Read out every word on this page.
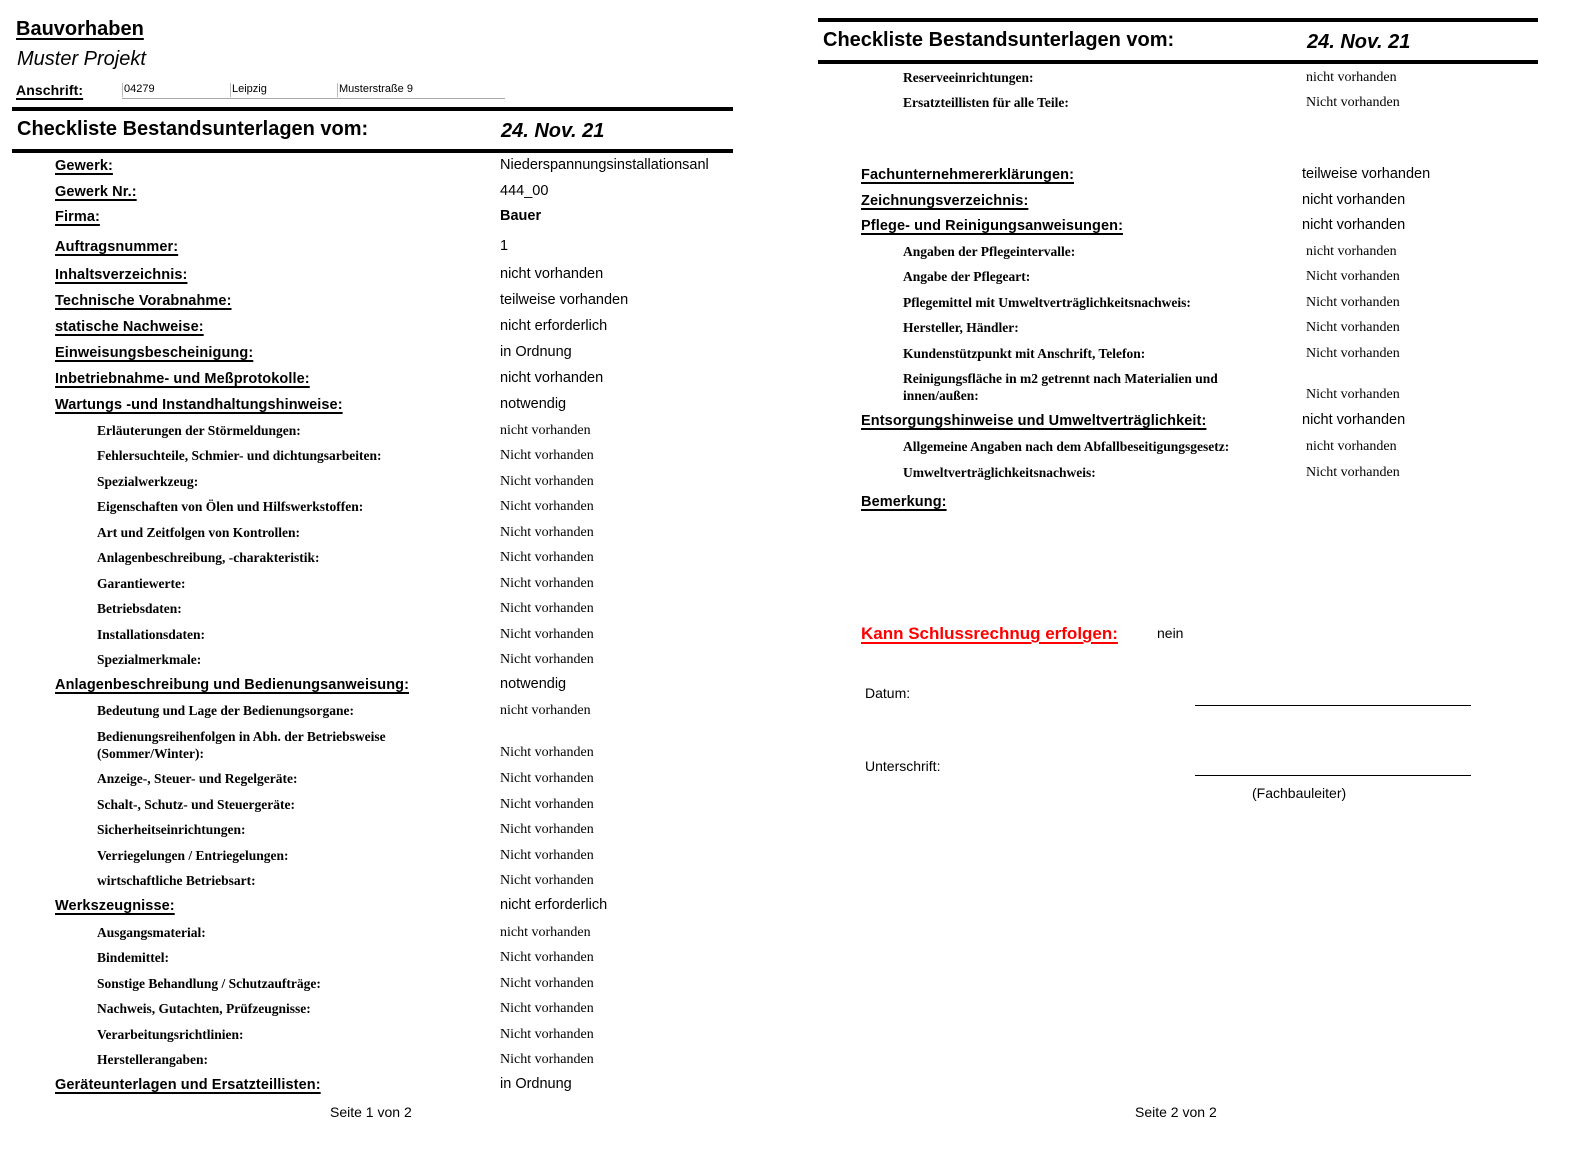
Bauvorhaben
Muster Projekt
Anschrift:	04279	Leipzig	Musterstraße 9
Checkliste Bestandsunterlagen vom:	24. Nov. 21
Gewerk:	Niederspannungsinstallationsanl
Gewerk Nr.:	444_00
Firma:	Bauer
Auftragsnummer:	1
Inhaltsverzeichnis:	nicht vorhanden
Technische Vorabnahme:	teilweise vorhanden
statische Nachweise:	nicht erforderlich
Einweisungsbescheinigung:	in Ordnung
Inbetriebnahme- und Meßprotokolle:	nicht vorhanden
Wartungs -und Instandhaltungshinweise:	notwendig
Erläuterungen der Störmeldungen:	nicht vorhanden
Fehlersuchteile, Schmier- und dichtungsarbeiten:	Nicht vorhanden
Spezialwerkzeug:	Nicht vorhanden
Eigenschaften von Ölen und Hilfswerkstoffen:	Nicht vorhanden
Art und Zeitfolgen von Kontrollen:	Nicht vorhanden
Anlagenbeschreibung, -charakteristik:	Nicht vorhanden
Garantiewerte:	Nicht vorhanden
Betriebsdaten:	Nicht vorhanden
Installationsdaten:	Nicht vorhanden
Spezialmerkmale:	Nicht vorhanden
Anlagenbeschreibung und Bedienungsanweisung:	notwendig
Bedeutung und Lage der Bedienungsorgane:	nicht vorhanden
Bedienungsreihenfolgen in Abh. der Betriebsweise
(Sommer/Winter):	Nicht vorhanden
Anzeige-, Steuer- und Regelgeräte:	Nicht vorhanden
Schalt-, Schutz- und Steuergeräte:	Nicht vorhanden
Sicherheitseinrichtungen:	Nicht vorhanden
Verriegelungen / Entriegelungen:	Nicht vorhanden
wirtschaftliche Betriebsart:	Nicht vorhanden
Werkszeugnisse:	nicht erforderlich
Ausgangsmaterial:	nicht vorhanden
Bindemittel:	Nicht vorhanden
Sonstige Behandlung / Schutzaufträge:	Nicht vorhanden
Nachweis, Gutachten, Prüfzeugnisse:	Nicht vorhanden
Verarbeitungsrichtlinien:	Nicht vorhanden
Herstellerangaben:	Nicht vorhanden
Geräteunterlagen und Ersatzteillisten:	in Ordnung
Seite 1 von 2
Checkliste Bestandsunterlagen vom:	24. Nov. 21
Reserveeinrichtungen:	nicht vorhanden
Ersatzteillisten für alle Teile:	Nicht vorhanden
Fachunternehmererklärungen:	teilweise vorhanden
Zeichnungsverzeichnis:	nicht vorhanden
Pflege- und Reinigungsanweisungen:	nicht vorhanden
Angaben der Pflegeintervalle:	nicht vorhanden
Angabe der Pflegeart:	Nicht vorhanden
Pflegemittel mit Umweltverträglichkeitsnachweis:	Nicht vorhanden
Hersteller, Händler:	Nicht vorhanden
Kundenstützpunkt mit Anschrift, Telefon:	Nicht vorhanden
Reinigungsfläche in m2 getrennt nach Materialien und
innen/außen:	Nicht vorhanden
Entsorgungshinweise und Umweltverträglichkeit:	nicht vorhanden
Allgemeine Angaben nach dem Abfallbeseitigungsgesetz:	nicht vorhanden
Umweltverträglichkeitsnachweis:	Nicht vorhanden
Bemerkung:
Kann Schlussrechnug erfolgen:	nein
Datum:
Unterschrift:
(Fachbauleiter)
Seite 2 von 2
